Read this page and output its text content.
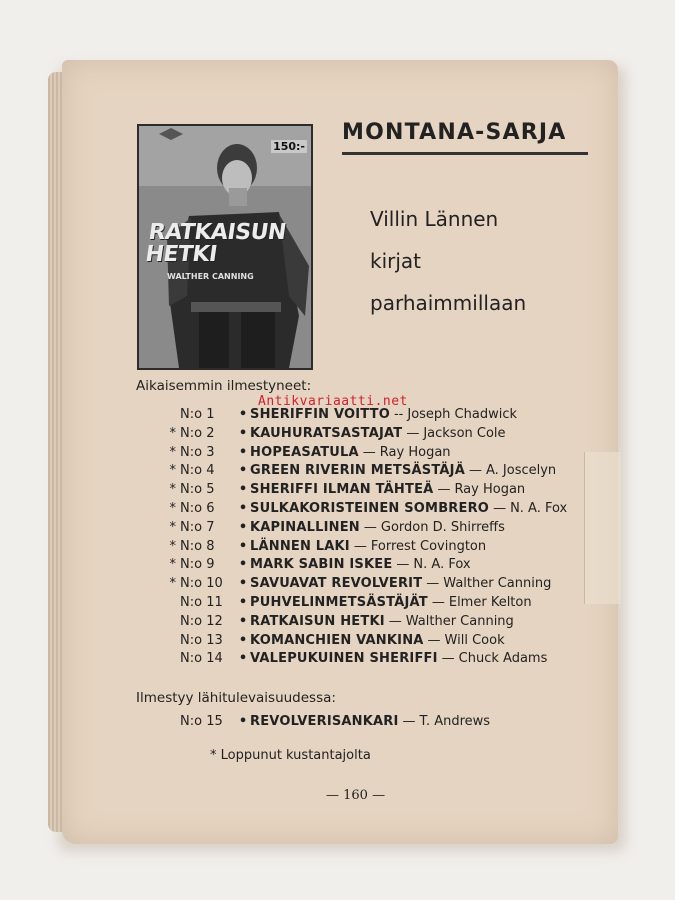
150:-
RATKAISUN
HETKI
WALTHER CANNING
MONTANA-SARJA
Villin Lännen
kirjat
parhaimmillaan
Aikaisemmin ilmestyneet:
Antikvariaatti.net
N:o 1 • SHERIFFIN VOITTO -- Joseph Chadwick
* N:o 2 • KAUHURATSASTAJAT — Jackson Cole
* N:o 3 • HOPEASATULA — Ray Hogan
* N:o 4 • GREEN RIVERIN METSÄSTÄJÄ — A. Joscelyn
* N:o 5 • SHERIFFI ILMAN TÄHTEÄ — Ray Hogan
* N:o 6 • SULKAKORISTEINEN SOMBRERO — N. A. Fox
* N:o 7 • KAPINALLINEN — Gordon D. Shirreffs
* N:o 8 • LÄNNEN LAKI — Forrest Covington
* N:o 9 • MARK SABIN ISKEE — N. A. Fox
* N:o 10 • SAVUAVAT REVOLVERIT — Walther Canning
N:o 11 • PUHVELINMETSÄSTÄJÄT — Elmer Kelton
N:o 12 • RATKAISUN HETKI — Walther Canning
N:o 13 • KOMANCHIEN VANKINA — Will Cook
N:o 14 • VALEPUKUINEN SHERIFFI — Chuck Adams
Ilmestyy lähitulevaisuudessa:
N:o 15 • REVOLVERISANKARI — T. Andrews
* Loppunut kustantajolta
— 160 —
